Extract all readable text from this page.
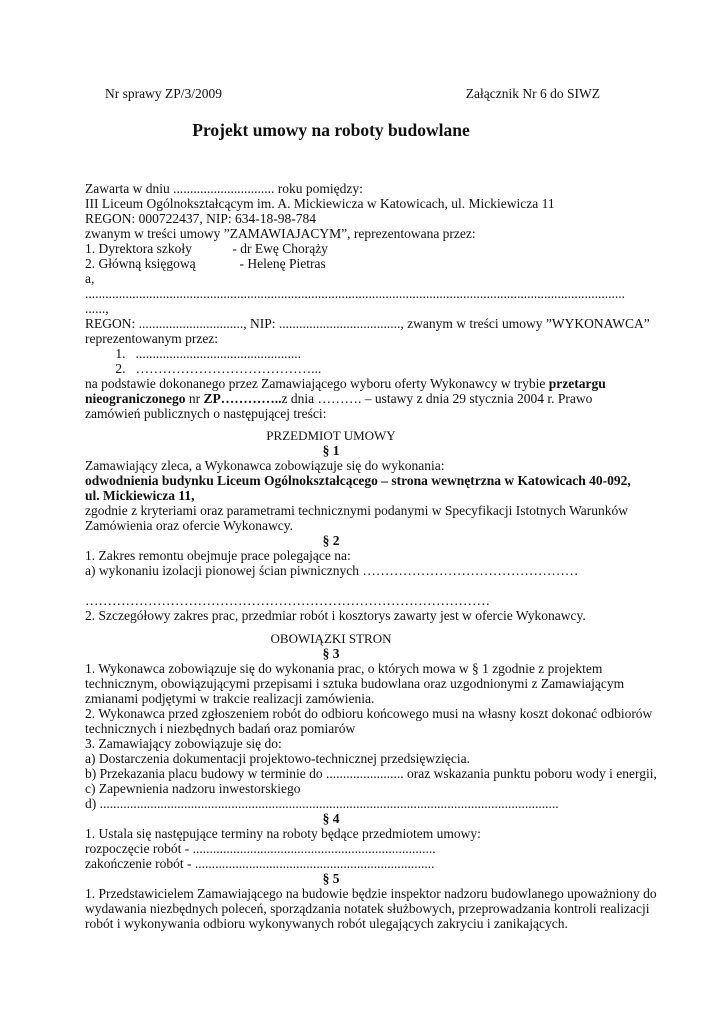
Nr sprawy ZP/3/2009	Załącznik Nr 6 do SIWZ
Projekt umowy na roboty budowlane
Zawarta w dniu .............................. roku pomiędzy:
III Liceum Ogólnokształcącym im. A. Mickiewicza w Katowicach, ul. Mickiewicza 11
REGON: 000722437, NIP: 634-18-98-784
zwanym w treści umowy ”ZAMAWIAJACYM”, reprezentowana przez:
1. Dyrektora szkoły            - dr Ewę Chorąży
2. Główną księgową             - Helenę Pietras
a,
................................................................................................................................................................
......,
REGON: ..............................., NIP: ...................................., zwanym w treści umowy ”WYKONAWCA”
reprezentowanym przez:
1.   .................................................
2.   …………………………………...
na podstawie dokonanego przez Zamawiającego wyboru oferty Wykonawcy w trybie przetargu
nieograniczonego nr ZP…………..z dnia ………. – ustawy z dnia 29 stycznia 2004 r. Prawo
zamówień publicznych o następującej treści:
PRZEDMIOT UMOWY
§ 1
Zamawiający zleca, a Wykonawca zobowiązuje się do wykonania:
odwodnienia budynku Liceum Ogólnokształcącego – strona wewnętrzna w Katowicach 40-092,
ul. Mickiewicza 11,
zgodnie z kryteriami oraz parametrami technicznymi podanymi w Specyfikacji Istotnych Warunków
Zamówienia oraz ofercie Wykonawcy.
§ 2
1. Zakres remontu obejmuje prace polegające na:
a) wykonaniu izolacji pionowej ścian piwnicznych …………………………………………
………………………………………………………………………………
2. Szczegółowy zakres prac, przedmiar robót i kosztorys zawarty jest w ofercie Wykonawcy.
OBOWIĄZKI STRON
§ 3
1. Wykonawca zobowiązuje się do wykonania prac, o których mowa w § 1 zgodnie z projektem
technicznym, obowiązującymi przepisami i sztuka budowlana oraz uzgodnionymi z Zamawiającym
zmianami podjętymi w trakcie realizacji zamówienia.
2. Wykonawca przed zgłoszeniem robót do odbioru końcowego musi na własny koszt dokonać odbiorów
technicznych i niezbędnych badań oraz pomiarów
3. Zamawiający zobowiązuje się do:
a) Dostarczenia dokumentacji projektowo-technicznej przedsięwzięcia.
b) Przekazania placu budowy w terminie do ....................... oraz wskazania punktu poboru wody i energii,
c) Zapewnienia nadzoru inwestorskiego
d) ........................................................................................................................................
§ 4
1. Ustala się następujące terminy na roboty będące przedmiotem umowy:
rozpoczęcie robót - ........................................................................
zakończenie robót - .......................................................................
§ 5
1. Przedstawicielem Zamawiającego na budowie będzie inspektor nadzoru budowlanego upoważniony do
wydawania niezbędnych poleceń, sporządzania notatek służbowych, przeprowadzania kontroli realizacji
robót i wykonywania odbioru wykonywanych robót ulegających zakryciu i zanikających.
